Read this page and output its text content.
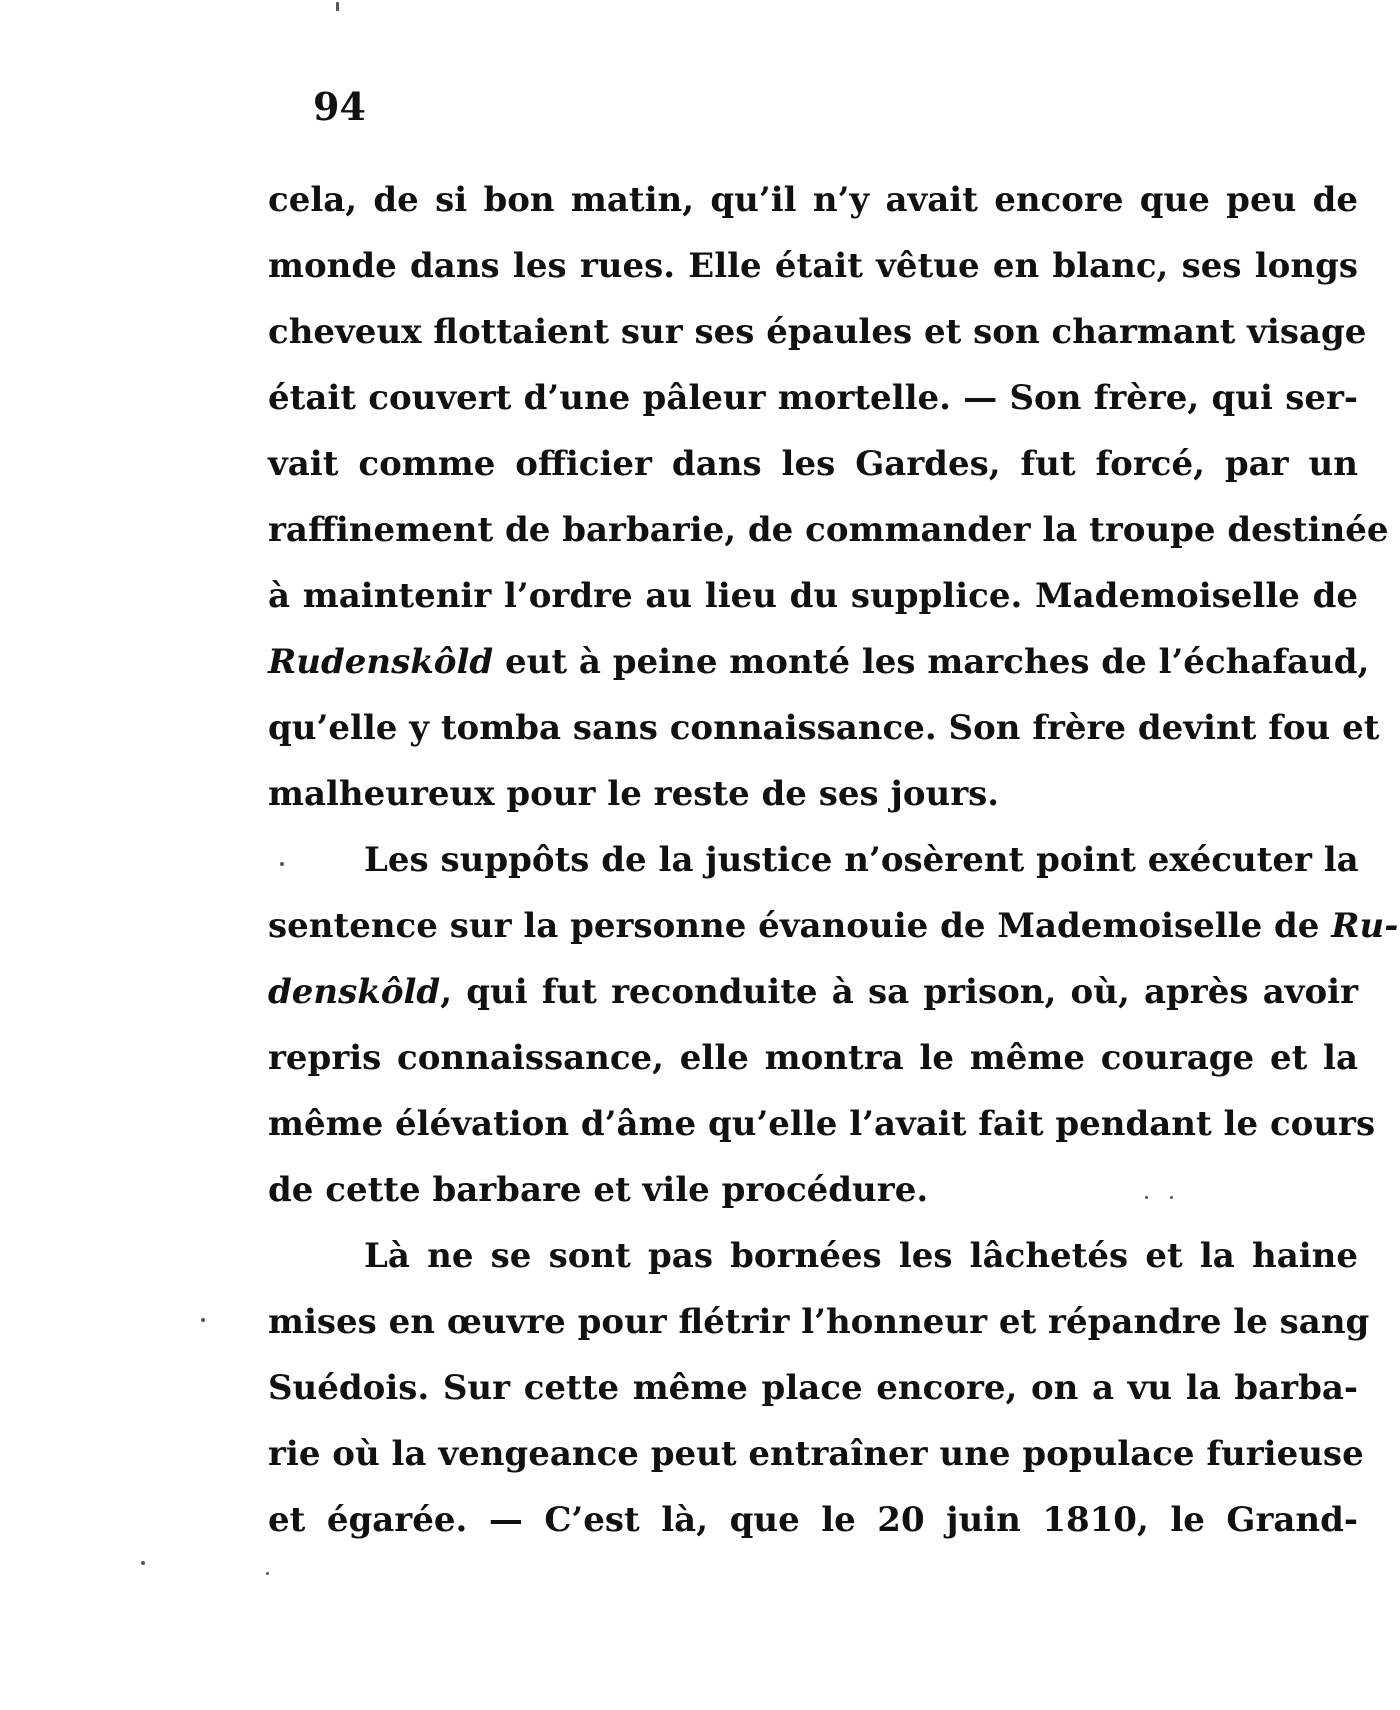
94
cela, de si bon matin, qu’il n’y avait encore que peu de
monde dans les rues. Elle était vêtue en blanc, ses longs
cheveux flottaient sur ses épaules et son charmant visage
était couvert d’une pâleur mortelle. — Son frère, qui ser-
vait comme officier dans les Gardes, fut forcé, par un
raffinement de barbarie, de commander la troupe destinée
à maintenir l’ordre au lieu du supplice. Mademoiselle de
Rudenskôld eut à peine monté les marches de l’échafaud,
qu’elle y tomba sans connaissance. Son frère devint fou et
malheureux pour le reste de ses jours.
Les suppôts de la justice n’osèrent point exécuter la
sentence sur la personne évanouie de Mademoiselle de Ru-
denskôld, qui fut reconduite à sa prison, où, après avoir
repris connaissance, elle montra le même courage et la
même élévation d’âme qu’elle l’avait fait pendant le cours
de cette barbare et vile procédure.
Là ne se sont pas bornées les lâchetés et la haine
mises en œuvre pour flétrir l’honneur et répandre le sang
Suédois. Sur cette même place encore, on a vu la barba-
rie où la vengeance peut entraîner une populace furieuse
et égarée. — C’est là, que le 20 juin 1810, le Grand-
